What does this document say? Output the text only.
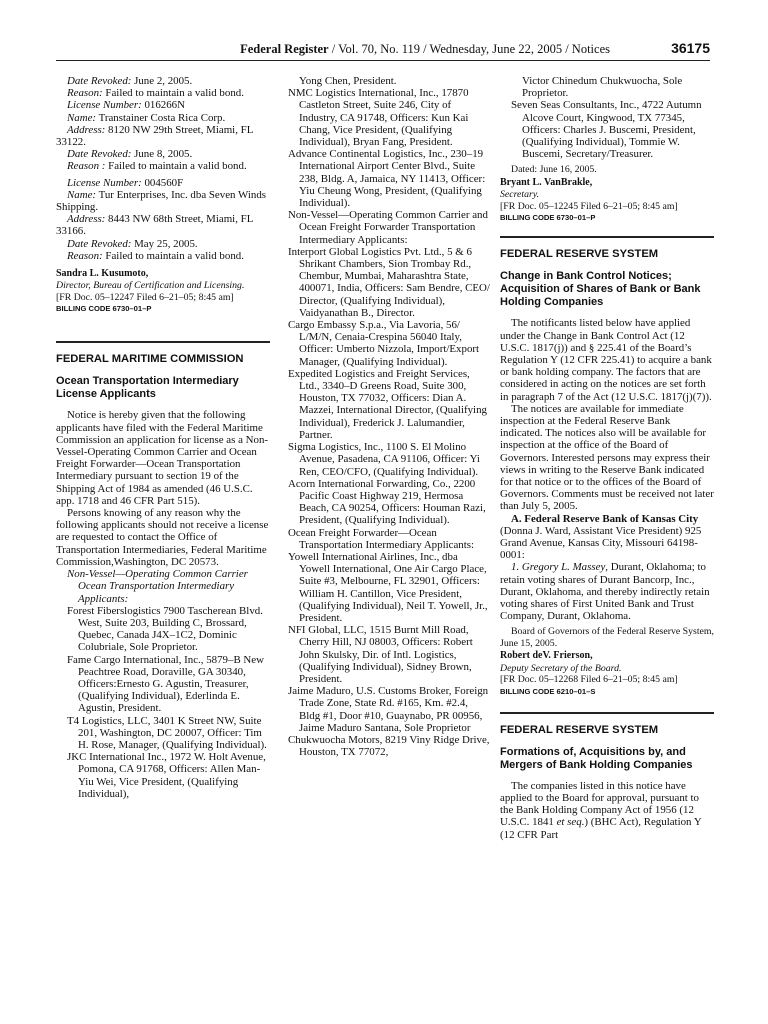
Federal Register / Vol. 70, No. 119 / Wednesday, June 22, 2005 / Notices	36175

Date Revoked: June 2, 2005.

Reason: Failed to maintain a valid bond.

License Number: 016266N

Name: Transtainer Costa Rica Corp.

Address: 8120 NW 29th Street, Miami, FL 33122.

Date Revoked: June 8, 2005.

Reason : Failed to maintain a valid bond.

License Number: 004560F

Name: Tur Enterprises, Inc. dba Seven Winds Shipping.

Address: 8443 NW 68th Street, Miami, FL 33166.

Date Revoked: May 25, 2005.

Reason: Failed to maintain a valid bond.

Sandra L. Kusumoto,

Director, Bureau of Certification and Licensing.

[FR Doc. 05–12247 Filed 6–21–05; 8:45 am]

BILLING CODE 6730–01–P

FEDERAL MARITIME COMMISSION

Ocean Transportation Intermediary License Applicants

Notice is hereby given that the following applicants have filed with the Federal Maritime Commission an application for license as a Non-Vessel-Operating Common Carrier and Ocean Freight Forwarder—Ocean Transportation Intermediary pursuant to section 19 of the Shipping Act of 1984 as amended (46 U.S.C. app. 1718 and 46 CFR Part 515).

Persons knowing of any reason why the following applicants should not receive a license are requested to contact the Office of Transportation Intermediaries, Federal Maritime Commission,Washington, DC 20573.

Non-Vessel—Operating Common Carrier Ocean Transportation Intermediary Applicants:

Forest Fiberslogistics 7900 Tascherean Blvd. West, Suite 203, Building C, Brossard, Quebec, Canada J4X–1C2, Dominic Colubriale, Sole Proprietor.

Fame Cargo International, Inc., 5879–B New Peachtree Road, Doraville, GA 30340, Officers:Ernesto G. Agustin, Treasurer, (Qualifying Individual), Ederlinda E. Agustin, President.

T4 Logistics, LLC, 3401 K Street NW, Suite 201, Washington, DC 20007, Officer: Tim H. Rose, Manager, (Qualifying Individual).

JKC International Inc., 1972 W. Holt Avenue, Pomona, CA 91768, Officers: Allen Man-Yiu Wei, Vice President, (Qualifying Individual),

Yong Chen, President.

NMC Logistics International, Inc., 17870 Castleton Street, Suite 246, City of Industry, CA 91748, Officers: Kun Kai Chang, Vice President, (Qualifying Individual), Bryan Fang, President.

Advance Continental Logistics, Inc., 230–19 International Airport Center Blvd., Suite 238, Bldg. A, Jamaica, NY 11413, Officer: Yiu Cheung Wong, President, (Qualifying Individual).

Non-Vessel—Operating Common Carrier and Ocean Freight Forwarder Transportation Intermediary Applicants:

Interport Global Logistics Pvt. Ltd., 5 & 6 Shrikant Chambers, Sion Trombay Rd., Chembur, Mumbai, Maharashtra State, 400071, India, Officers: Sam Bendre, CEO/ Director, (Qualifying Individual), Vaidyanathan B., Director.

Cargo Embassy S.p.a., Via Lavoria, 56/ L/M/N, Cenaia-Crespina 56040 Italy, Officer: Umberto Nizzola, Import/Export Manager, (Qualifying Individual).

Expedited Logistics and Freight Services, Ltd., 3340–D Greens Road, Suite 300, Houston, TX 77032, Officers: Dian A. Mazzei, International Director, (Qualifying Individual), Frederick J. Lalumandier, Partner.

Sigma Logistics, Inc., 1100 S. El Molino Avenue, Pasadena, CA 91106, Officer: Yi Ren, CEO/CFO, (Qualifying Individual).

Acorn International Forwarding, Co., 2200 Pacific Coast Highway 219, Hermosa Beach, CA 90254, Officers: Houman Razi, President, (Qualifying Individual).

Ocean Freight Forwarder—Ocean Transportation Intermediary Applicants:

Yowell International Airlines, Inc., dba Yowell International, One Air Cargo Place, Suite #3, Melbourne, FL 32901, Officers: William H. Cantillon, Vice President, (Qualifying Individual), Neil T. Yowell, Jr., President.

NFI Global, LLC, 1515 Burnt Mill Road, Cherry Hill, NJ 08003, Officers: Robert John Skulsky, Dir. of Intl. Logistics, (Qualifying Individual), Sidney Brown, President.

Jaime Maduro, U.S. Customs Broker, Foreign Trade Zone, State Rd. #165, Km. #2.4, Bldg #1, Door #10, Guaynabo, PR 00956, Jaime Maduro Santana, Sole Proprietor

Chukwuocha Motors, 8219 Viny Ridge Drive, Houston, TX 77072,

Victor Chinedum Chukwuocha, Sole Proprietor.

Seven Seas Consultants, Inc., 4722 Autumn Alcove Court, Kingwood, TX 77345, Officers: Charles J. Buscemi, President, (Qualifying Individual), Tommie W. Buscemi, Secretary/Treasurer.

Dated: June 16, 2005.

Bryant L. VanBrakle,

Secretary.

[FR Doc. 05–12245 Filed 6–21–05; 8:45 am]

BILLING CODE 6730–01–P

FEDERAL RESERVE SYSTEM

Change in Bank Control Notices; Acquisition of Shares of Bank or Bank Holding Companies

The notificants listed below have applied under the Change in Bank Control Act (12 U.S.C. 1817(j)) and § 225.41 of the Board’s Regulation Y (12 CFR 225.41) to acquire a bank or bank holding company. The factors that are considered in acting on the notices are set forth in paragraph 7 of the Act (12 U.S.C. 1817(j)(7)).

The notices are available for immediate inspection at the Federal Reserve Bank indicated. The notices also will be available for inspection at the office of the Board of Governors. Interested persons may express their views in writing to the Reserve Bank indicated for that notice or to the offices of the Board of Governors. Comments must be received not later than July 5, 2005.

A. Federal Reserve Bank of Kansas City (Donna J. Ward, Assistant Vice President) 925 Grand Avenue, Kansas City, Missouri 64198-0001:

1. Gregory L. Massey, Durant, Oklahoma; to retain voting shares of Durant Bancorp, Inc., Durant, Oklahoma, and thereby indirectly retain voting shares of First United Bank and Trust Company, Durant, Oklahoma.

Board of Governors of the Federal Reserve System, June 15, 2005.

Robert deV. Frierson,

Deputy Secretary of the Board.

[FR Doc. 05–12268 Filed 6–21–05; 8:45 am]

BILLING CODE 6210–01–S

FEDERAL RESERVE SYSTEM

Formations of, Acquisitions by, and Mergers of Bank Holding Companies

The companies listed in this notice have applied to the Board for approval, pursuant to the Bank Holding Company Act of 1956 (12 U.S.C. 1841 et seq.) (BHC Act), Regulation Y (12 CFR Part
